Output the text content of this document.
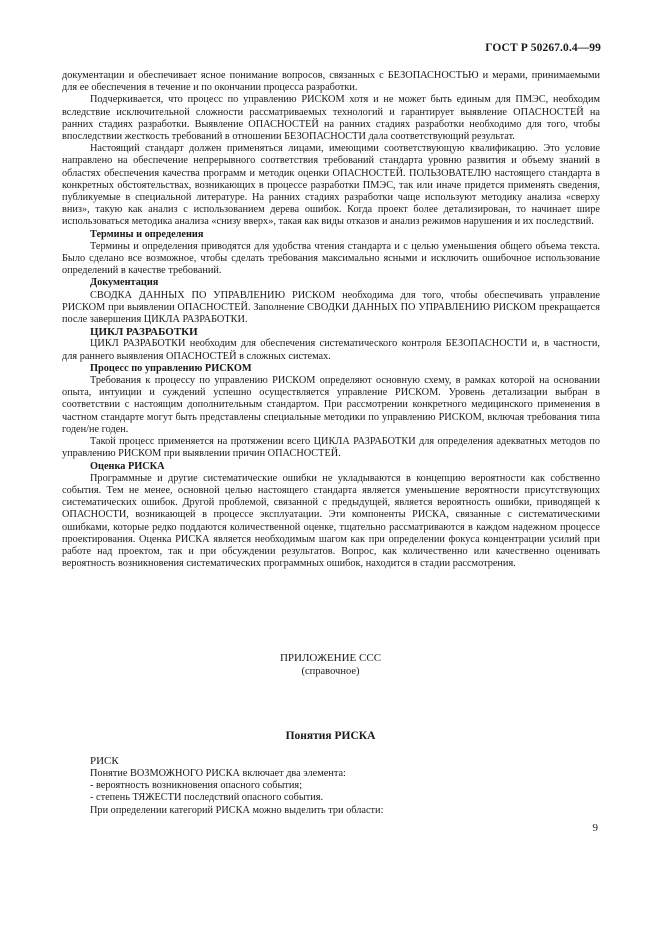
ГОСТ Р 50267.0.4—99

документации и обеспечивает ясное понимание вопросов, связанных с БЕЗОПАСНОСТЬЮ и мерами, принимаемыми для ее обеспечения в течение и по окончании процесса разработки.

Подчеркивается, что процесс по управлению РИСКОМ хотя и не может быть единым для ПМЭС, необходим вследствие исключительной сложности рассматриваемых технологий и гарантирует выявление ОПАСНОСТЕЙ на ранних стадиях разработки. Выявление ОПАСНОСТЕЙ на ранних стадиях разработки необходимо для того, чтобы впоследствии жесткость требований в отношении БЕЗОПАСНОСТИ дала соответствующий результат.

Настоящий стандарт должен применяться лицами, имеющими соответствующую квалификацию. Это условие направлено на обеспечение непрерывного соответствия требований стандарта уровню развития и объему знаний в областях обеспечения качества программ и методик оценки ОПАСНОСТЕЙ. ПОЛЬЗОВАТЕЛЮ настоящего стандарта в конкретных обстоятельствах, возникающих в процессе разработки ПМЭС, так или иначе придется применять сведения, публикуемые в специальной литературе. На ранних стадиях разработки чаще используют методику анализа «сверху вниз», такую как анализ с использованием дерева ошибок. Когда проект более детализирован, то начинает шире использоваться методика анализа «снизу вверх», такая как виды отказов и анализ режимов нарушения и их последствий.

Термины и определения

Термины и определения приводятся для удобства чтения стандарта и с целью уменьшения общего объема текста. Было сделано все возможное, чтобы сделать требования максимально ясными и исключить ошибочное использование определений в качестве требований.

Документация

СВОДКА ДАННЫХ ПО УПРАВЛЕНИЮ РИСКОМ необходима для того, чтобы обеспечивать управление РИСКОМ при выявлении ОПАСНОСТЕЙ. Заполнение СВОДКИ ДАННЫХ ПО УПРАВЛЕНИЮ РИСКОМ прекращается после завершения ЦИКЛА РАЗРАБОТКИ.

ЦИКЛ РАЗРАБОТКИ

ЦИКЛ РАЗРАБОТКИ необходим для обеспечения систематического контроля БЕЗОПАСНОСТИ и, в частности, для раннего выявления ОПАСНОСТЕЙ в сложных системах.

Процесс по управлению РИСКОМ

Требования к процессу по управлению РИСКОМ определяют основную схему, в рамках которой на основании опыта, интуиции и суждений успешно осуществляется управление РИСКОМ. Уровень детализации выбран в соответствии с настоящим дополнительным стандартом. При рассмотрении конкретного медицинского применения в частном стандарте могут быть представлены специальные методики по управлению РИСКОМ, включая требования типа годен/не годен.

Такой процесс применяется на протяжении всего ЦИКЛА РАЗРАБОТКИ для определения адекватных методов по управлению РИСКОМ при выявлении причин ОПАСНОСТЕЙ.

Оценка РИСКА

Программные и другие систематические ошибки не укладываются в концепцию вероятности как собственно события. Тем не менее, основной целью настоящего стандарта является уменьшение вероятности присутствующих систематических ошибок. Другой проблемой, связанной с предыдущей, является вероятность ошибки, приводящей к ОПАСНОСТИ, возникающей в процессе эксплуатации. Эти компоненты РИСКА, связанные с систематическими ошибками, которые редко поддаются количественной оценке, тщательно рассматриваются в каждом надежном процессе проектирования. Оценка РИСКА является необходимым шагом как при определении фокуса концентрации усилий при работе над проектом, так и при обсуждении результатов. Вопрос, как количественно или качественно оценивать вероятность возникновения систематических программных ошибок, находится в стадии рассмотрения.

ПРИЛОЖЕНИЕ ССС
(справочное)
Понятия РИСКА

РИСК

Понятие ВОЗМОЖНОГО РИСКА включает два элемента:

- вероятность возникновения опасного события;

- степень ТЯЖЕСТИ последствий опасного события.

При определении категорий РИСКА можно выделить три области:

9
